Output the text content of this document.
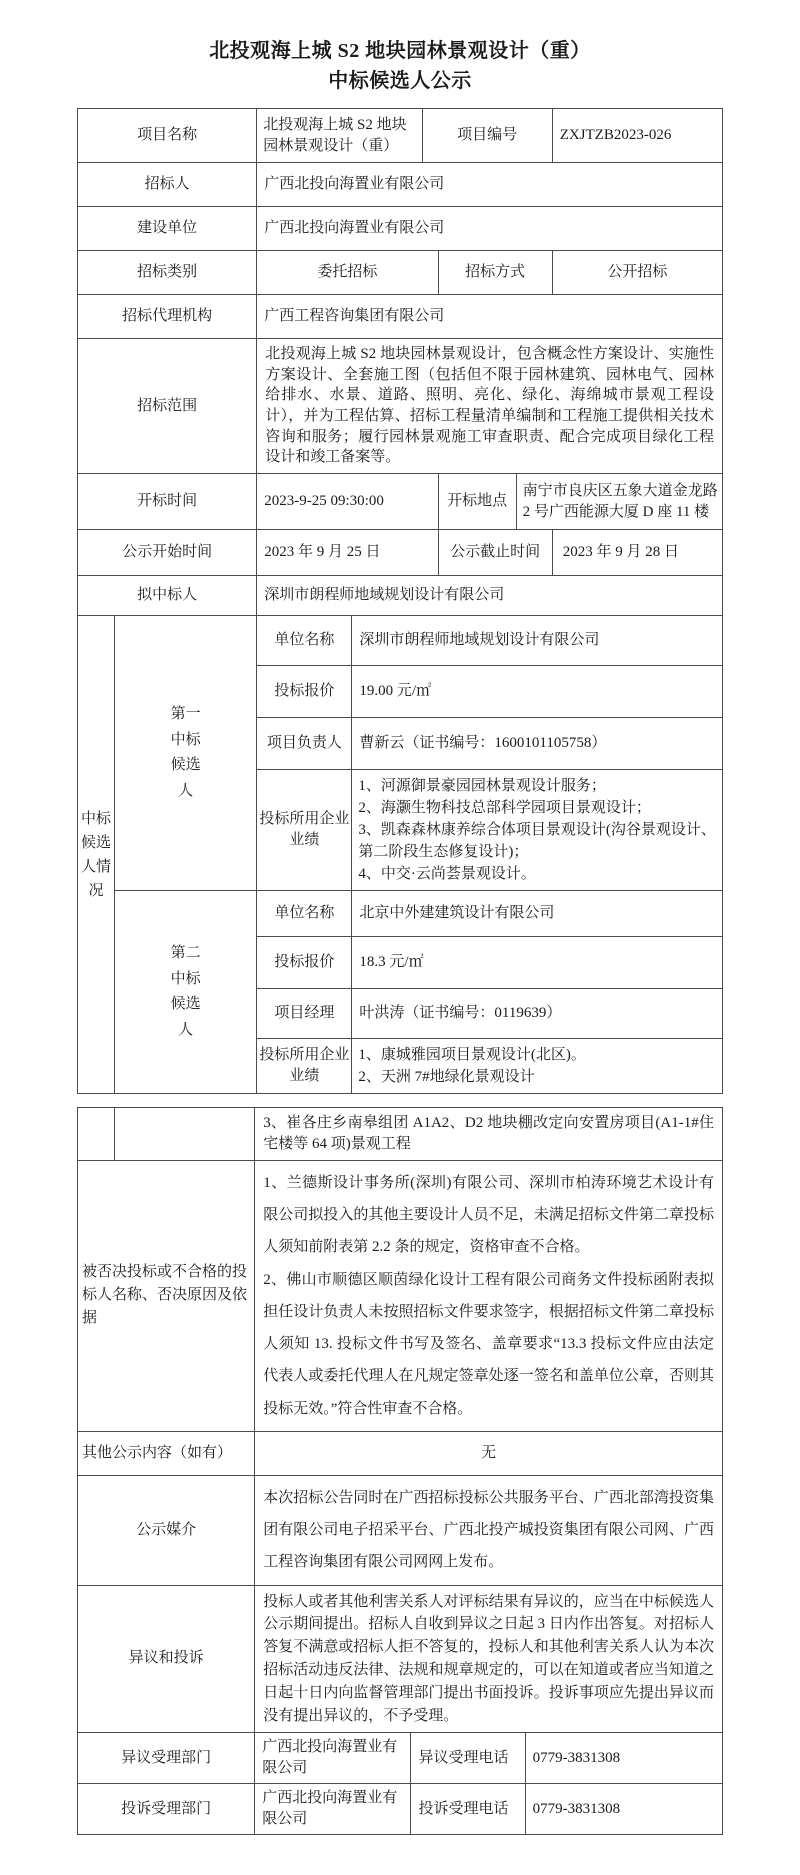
北投观海上城 S2 地块园林景观设计（重）
中标候选人公示
项目名称		北投观海上城 S2 地块园林景观设计（重）		项目编号			ZXJTZB2023-026
招标人		广西北投向海置业有限公司					
建设单位		广西北投向海置业有限公司					
招标类别		委托招标			招标方式		公开招标
招标代理机构		广西工程咨询集团有限公司					
招标范围		北投观海上城 S2 地块园林景观设计，包含概念性方案设计、实施性方案设计、全套施工图（包括但不限于园林建筑、园林电气、园林给排水、水景、道路、照明、亮化、绿化、海绵城市景观工程设计），并为工程估算、招标工程量清单编制和工程施工提供相关技术咨询和服务；履行园林景观施工审查职责、配合完成项目绿化工程设计和竣工备案等。					
开标时间		2023-9-25 09:30:00			开标地点	南宁市良庆区五象大道金龙路 2 号广西能源大厦 D 座 11 楼	
公示开始时间		2023 年 9 月 25 日			公示截止时间		2023 年 9 月 28 日
拟中标人		深圳市朗程师地域规划设计有限公司					
中标候选人情况	第一中标候选人	单位名称	深圳市朗程师地域规划设计有限公司				
		投标报价	19.00 元/㎡				
		项目负责人	曹新云（证书编号：1600101105758）				
		投标所用企业业绩	1、河源御景豪园园林景观设计服务；
2、海灏生物科技总部科学园项目景观设计；
3、凯森森林康养综合体项目景观设计(沟谷景观设计、第二阶段生态修复设计)；
4、中交·云尚荟景观设计。				

	第二中标候选人	单位名称	北京中外建建筑设计有限公司				
		投标报价	18.3 元/㎡				
		项目经理	叶洪涛（证书编号：0119639）				
		投标所用企业业绩	1、康城雅园项目景观设计(北区)。
2、天洲 7#地绿化景观设计				
		3、崔各庄乡南皋组团 A1A2、D2 地块棚改定向安置房项目(A1-1#住宅楼等 64 项)景观工程		
被否决投标或不合格的投标人名称、否决原因及依据		1、兰德斯设计事务所(深圳)有限公司、深圳市柏涛环境艺术设计有限公司拟投入的其他主要设计人员不足，未满足招标文件第二章投标人须知前附表第 2.2 条的规定，资格审查不合格。

2、佛山市顺德区顺茵绿化设计工程有限公司商务文件投标函附表拟担任设计负责人未按照招标文件要求签字，根据招标文件第二章投标人须知 13. 投标文件书写及签名、盖章要求“13.3 投标文件应由法定代表人或委托代理人在凡规定签章处逐一签名和盖单位公章，否则其投标无效。”符合性审查不合格。		

其他公示内容（如有）		无		
公示媒介		本次招标公告同时在广西招标投标公共服务平台、广西北部湾投资集团有限公司电子招采平台、广西北投产城投资集团有限公司网、广西工程咨询集团有限公司网网上发布。		
异议和投诉		投标人或者其他利害关系人对评标结果有异议的，应当在中标候选人公示期间提出。招标人自收到异议之日起 3 日内作出答复。对招标人答复不满意或招标人拒不答复的，投标人和其他利害关系人认为本次招标活动违反法律、法规和规章规定的，可以在知道或者应当知道之日起十日内向监督管理部门提出书面投诉。投诉事项应先提出异议而没有提出异议的，不予受理。		
异议受理部门		广西北投向海置业有限公司	异议受理电话	0779-3831308
投诉受理部门		广西北投向海置业有限公司	投诉受理电话	0779-3831308
